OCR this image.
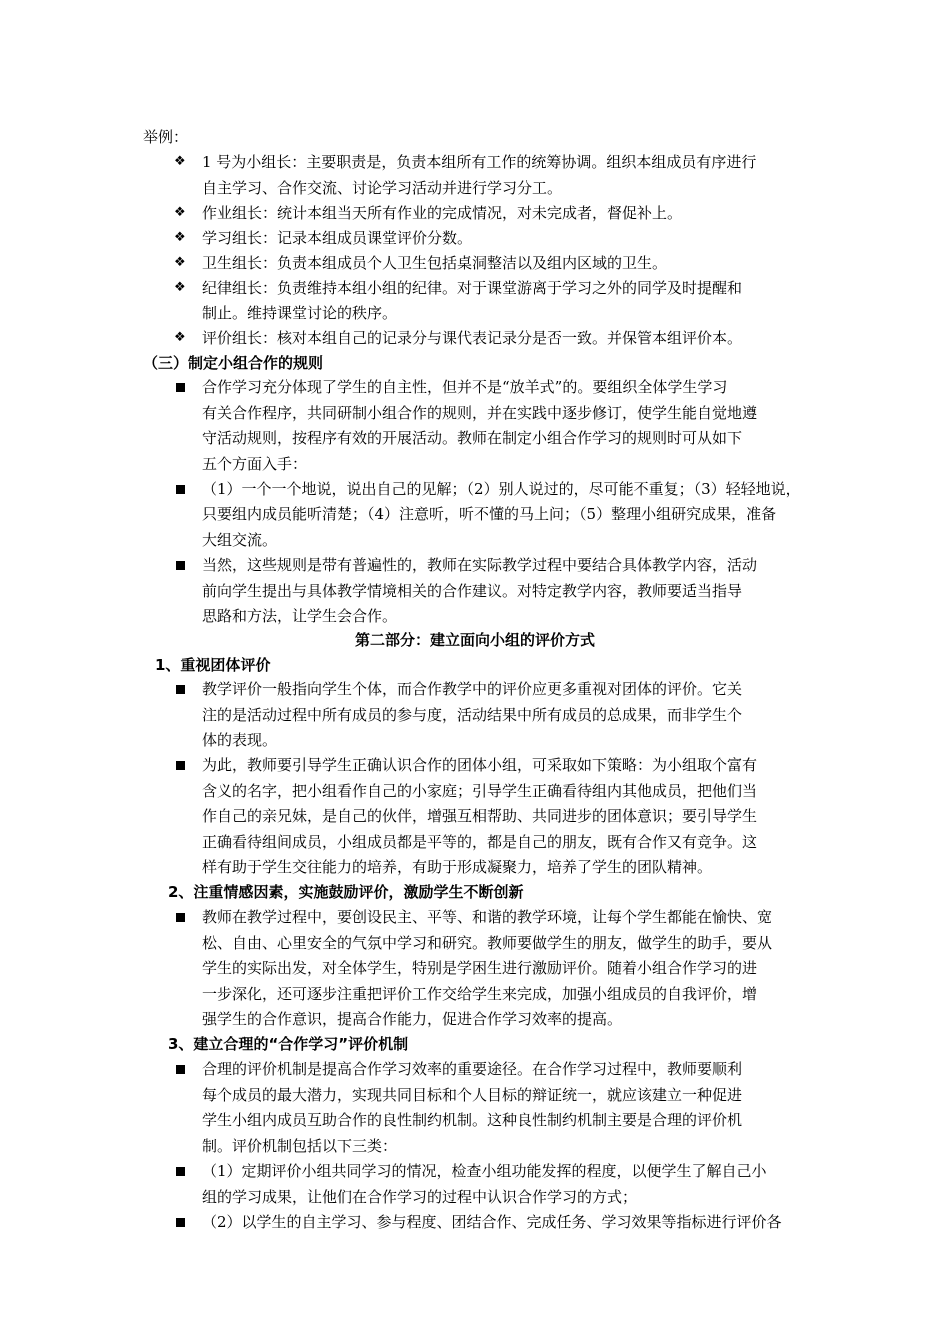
举例：
❖ 1 号为小组长：主要职责是，负责本组所有工作的统筹协调。组织本组成员有序进行
自主学习、合作交流、讨论学习活动并进行学习分工。
❖ 作业组长：统计本组当天所有作业的完成情况，对未完成者，督促补上。
❖ 学习组长：记录本组成员课堂评价分数。
❖ 卫生组长：负责本组成员个人卫生包括桌洞整洁以及组内区域的卫生。
❖ 纪律组长：负责维持本组小组的纪律。对于课堂游离于学习之外的同学及时提醒和
制止。维持课堂讨论的秩序。
❖ 评价组长：核对本组自己的记录分与课代表记录分是否一致。并保管本组评价本。
（三）制定小组合作的规则
合作学习充分体现了学生的自主性，但并不是“放羊式”的。要组织全体学生学习
有关合作程序，共同研制小组合作的规则，并在实践中逐步修订，使学生能自觉地遵
守活动规则，按程序有效的开展活动。教师在制定小组合作学习的规则时可从如下
五个方面入手：
（1）一个一个地说，说出自己的见解；（2）别人说过的，尽可能不重复；（3）轻轻地说，
只要组内成员能听清楚；（4）注意听，听不懂的马上问；（5）整理小组研究成果，准备
大组交流。
当然，这些规则是带有普遍性的，教师在实际教学过程中要结合具体教学内容，活动
前向学生提出与具体教学情境相关的合作建议。对特定教学内容，教师要适当指导
思路和方法，让学生会合作。
第二部分：建立面向小组的评价方式
1、重视团体评价
教学评价一般指向学生个体，而合作教学中的评价应更多重视对团体的评价。它关
注的是活动过程中所有成员的参与度，活动结果中所有成员的总成果，而非学生个
体的表现。
为此，教师要引导学生正确认识合作的团体小组，可采取如下策略：为小组取个富有
含义的名字，把小组看作自己的小家庭；引导学生正确看待组内其他成员，把他们当
作自己的亲兄妹，是自己的伙伴，增强互相帮助、共同进步的团体意识；要引导学生
正确看待组间成员，小组成员都是平等的，都是自己的朋友，既有合作又有竞争。这
样有助于学生交往能力的培养，有助于形成凝聚力，培养了学生的团队精神。
2、注重情感因素，实施鼓励评价，激励学生不断创新
教师在教学过程中，要创设民主、平等、和谐的教学环境，让每个学生都能在愉快、宽
松、自由、心里安全的气氛中学习和研究。教师要做学生的朋友，做学生的助手，要从
学生的实际出发，对全体学生，特别是学困生进行激励评价。随着小组合作学习的进
一步深化，还可逐步注重把评价工作交给学生来完成，加强小组成员的自我评价，增
强学生的合作意识，提高合作能力，促进合作学习效率的提高。
3、建立合理的“合作学习”评价机制
合理的评价机制是提高合作学习效率的重要途径。在合作学习过程中，教师要顺利
每个成员的最大潜力，实现共同目标和个人目标的辩证统一，就应该建立一种促进
学生小组内成员互助合作的良性制约机制。这种良性制约机制主要是合理的评价机
制。评价机制包括以下三类：
（1）定期评价小组共同学习的情况，检查小组功能发挥的程度，以便学生了解自己小
组的学习成果，让他们在合作学习的过程中认识合作学习的方式；
（2）以学生的自主学习、参与程度、团结合作、完成任务、学习效果等指标进行评价各
